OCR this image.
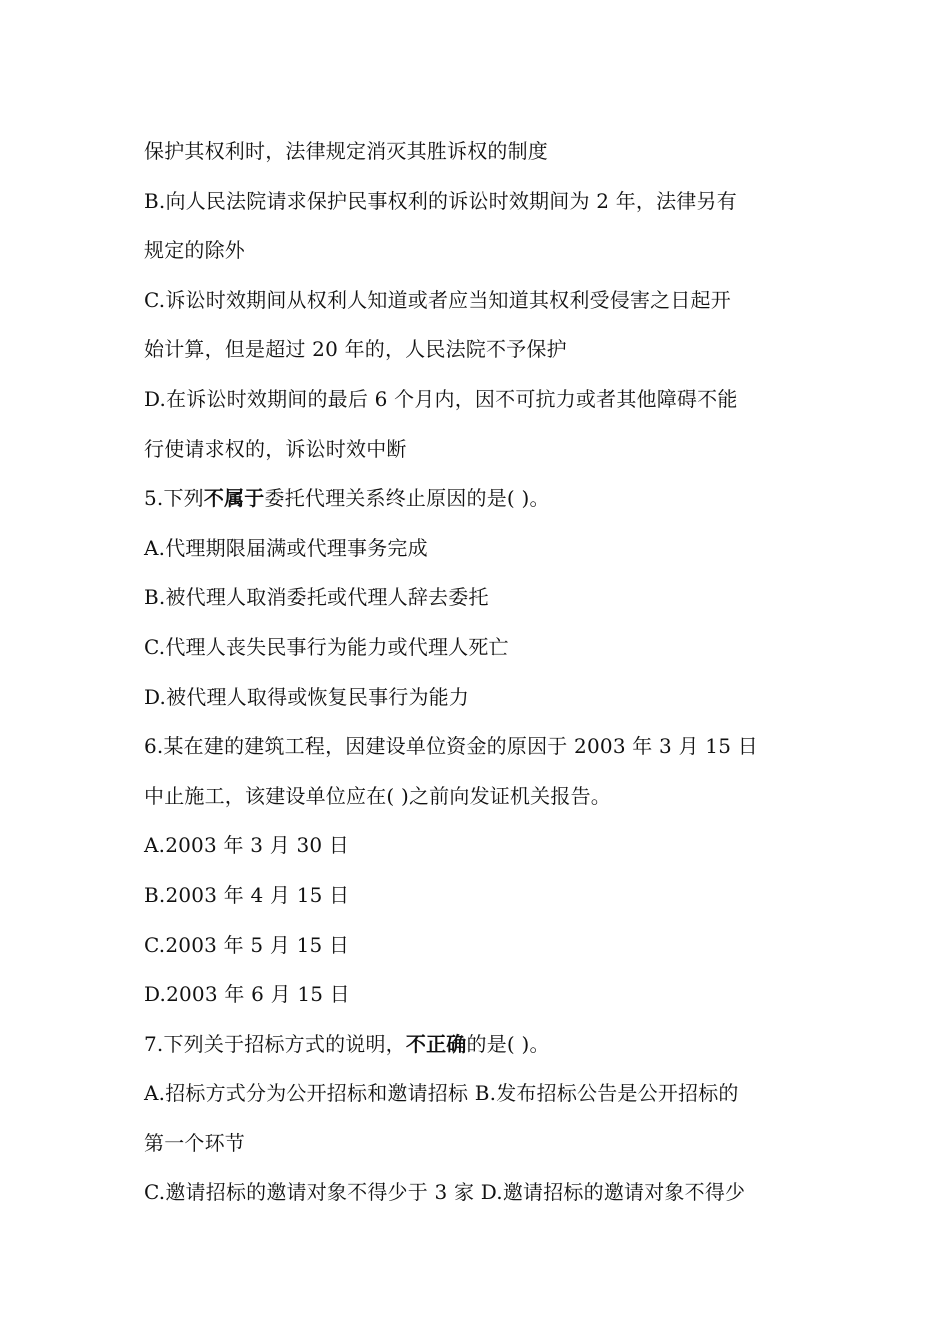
保护其权利时，法律规定消灭其胜诉权的制度
B.向人民法院请求保护民事权利的诉讼时效期间为 2 年，法律另有
规定的除外
C.诉讼时效期间从权利人知道或者应当知道其权利受侵害之日起开
始计算，但是超过 20 年的，人民法院不予保护
D.在诉讼时效期间的最后 6 个月内，因不可抗力或者其他障碍不能
行使请求权的，诉讼时效中断
5.下列不属于委托代理关系终止原因的是( )。
A.代理期限届满或代理事务完成
B.被代理人取消委托或代理人辞去委托
C.代理人丧失民事行为能力或代理人死亡
D.被代理人取得或恢复民事行为能力
6.某在建的建筑工程，因建设单位资金的原因于 2003 年 3 月 15 日
中止施工，该建设单位应在( )之前向发证机关报告。
A.2003 年 3 月 30 日
B.2003 年 4 月 15 日
C.2003 年 5 月 15 日
D.2003 年 6 月 15 日
7.下列关于招标方式的说明，不正确的是( )。
A.招标方式分为公开招标和邀请招标 B.发布招标公告是公开招标的
第一个环节
C.邀请招标的邀请对象不得少于 3 家 D.邀请招标的邀请对象不得少
